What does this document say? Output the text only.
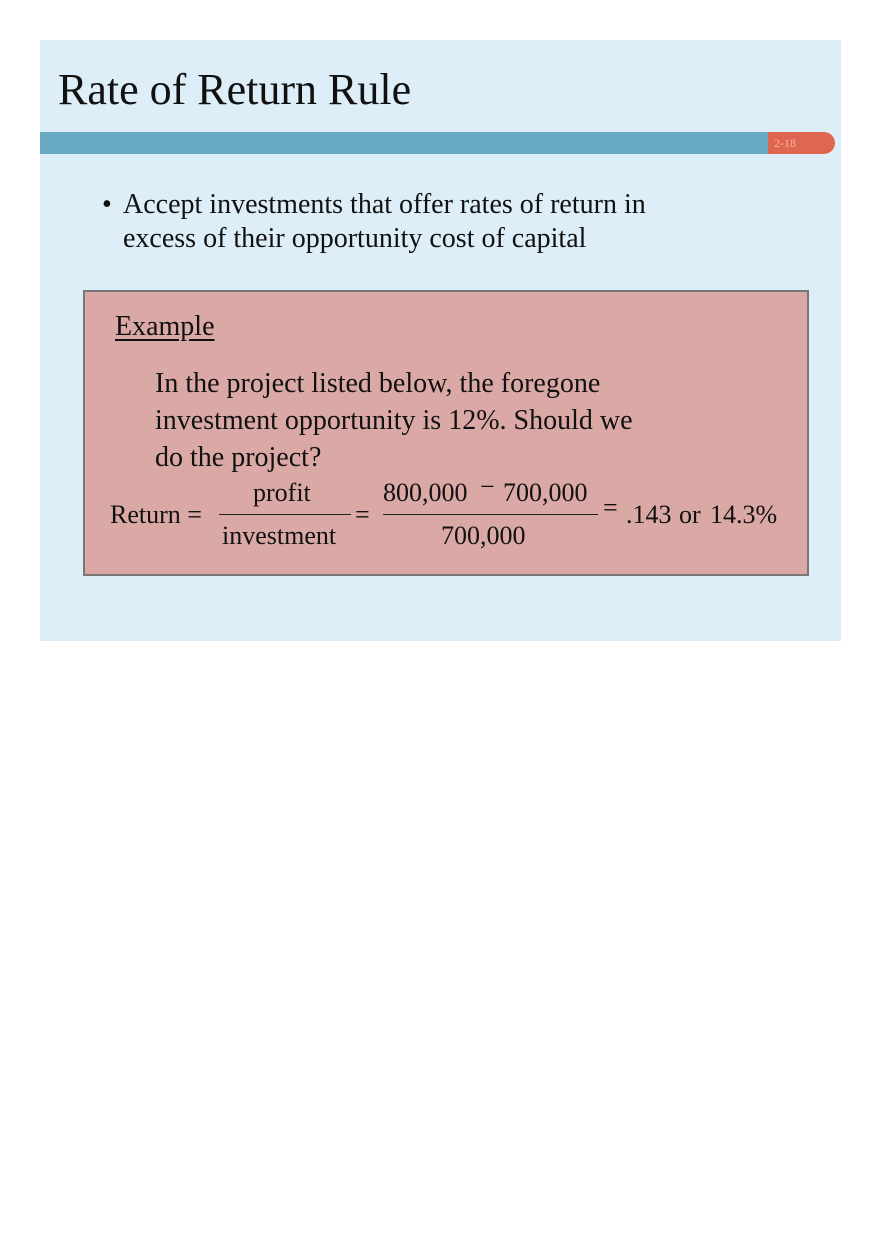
Rate of Return Rule
2-18
• Accept investments that offer rates of return in
excess of their opportunity cost of capital
Example
In the project listed below, the foregone
investment opportunity is 12%. Should we
do the project?
Return =
profit
investment
=
800,000 − 700,000
700,000
= .143 or 14.3%
